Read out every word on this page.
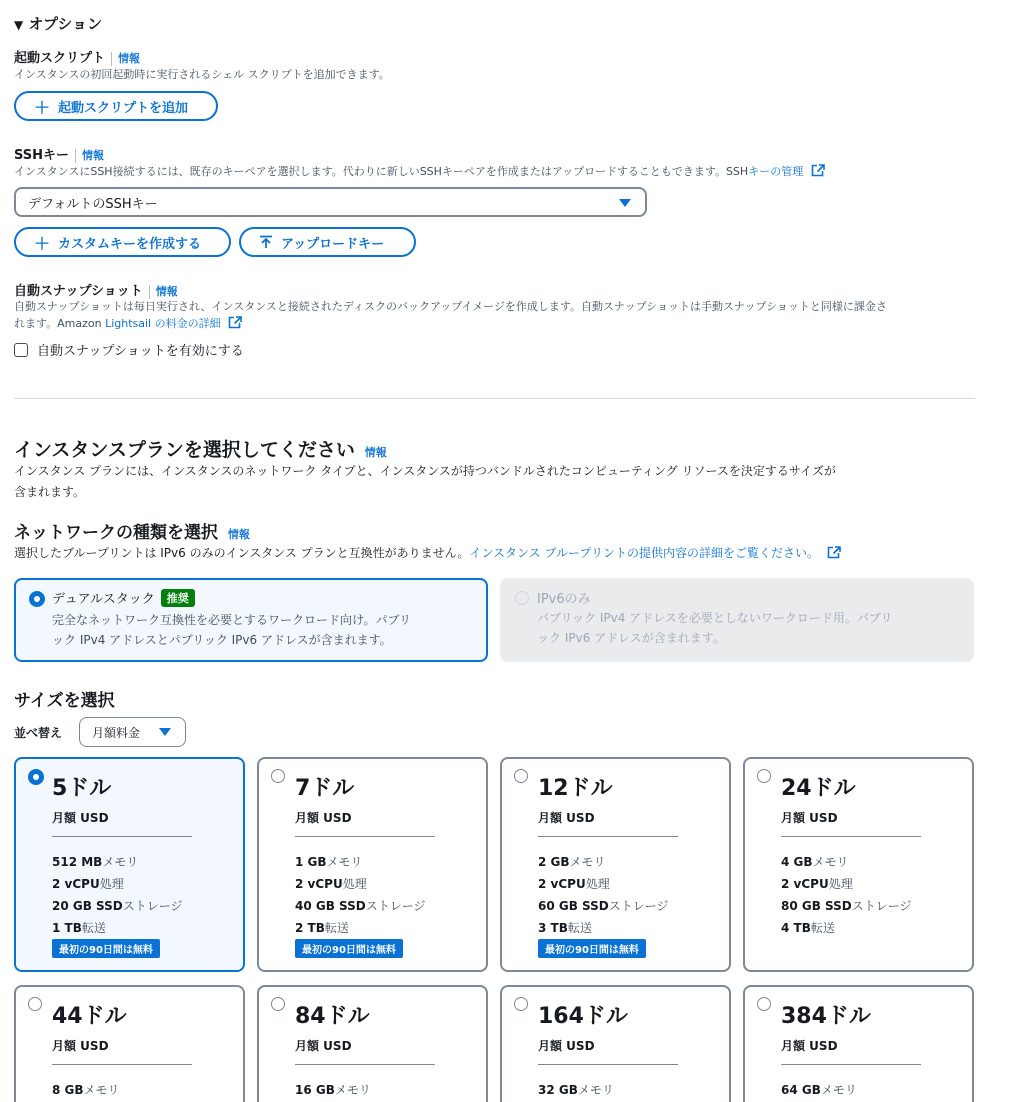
▼ オプション
起動スクリプト 情報
インスタンスの初回起動時に実行されるシェル スクリプトを追加できます。
＋ 起動スクリプトを追加
SSHキー 情報
インスタンスにSSH接続するには、既存のキーペアを選択します。代わりに新しいSSHキーペアを作成またはアップロードすることもできます。SSHキーの管理
デフォルトのSSHキー
＋ カスタムキーを作成する	アップロードキー
自動スナップショット 情報
自動スナップショットは毎日実行され、インスタンスと接続されたディスクのバックアップイメージを作成します。自動スナップショットは手動スナップショットと同様に課金さ
れます。Amazon Lightsail の料金の詳細
自動スナップショットを有効にする
インスタンスプランを選択してください 情報
インスタンス プランには、インスタンスのネットワーク タイプと、インスタンスが持つバンドルされたコンピューティング リソースを決定するサイズが
含まれます。
ネットワークの種類を選択 情報
選択したブループリントは IPv6 のみのインスタンス プランと互換性がありません。インスタンス ブループリントの提供内容の詳細をご覧ください。
デュアルスタック	推奨
完全なネットワーク互換性を必要とするワークロード向け。パブリ
ック IPv4 アドレスとパブリック IPv6 アドレスが含まれます。
IPv6のみ
パブリック IPv4 アドレスを必要としないワークロード用。パブリ
ック IPv6 アドレスが含まれます。
サイズを選択
並べ替え 月額料金
5ドル
月額 USD
512 MBメモリ
2 vCPU処理
20 GB SSDストレージ
1 TB転送
最初の90日間は無料
7ドル
月額 USD
1 GBメモリ
2 vCPU処理
40 GB SSDストレージ
2 TB転送
最初の90日間は無料
12ドル
月額 USD
2 GBメモリ
2 vCPU処理
60 GB SSDストレージ
3 TB転送
最初の90日間は無料
24ドル
月額 USD
4 GBメモリ
2 vCPU処理
80 GB SSDストレージ
4 TB転送
44ドル
月額 USD
8 GBメモリ
84ドル
月額 USD
16 GBメモリ
164ドル
月額 USD
32 GBメモリ
384ドル
月額 USD
64 GBメモリ
